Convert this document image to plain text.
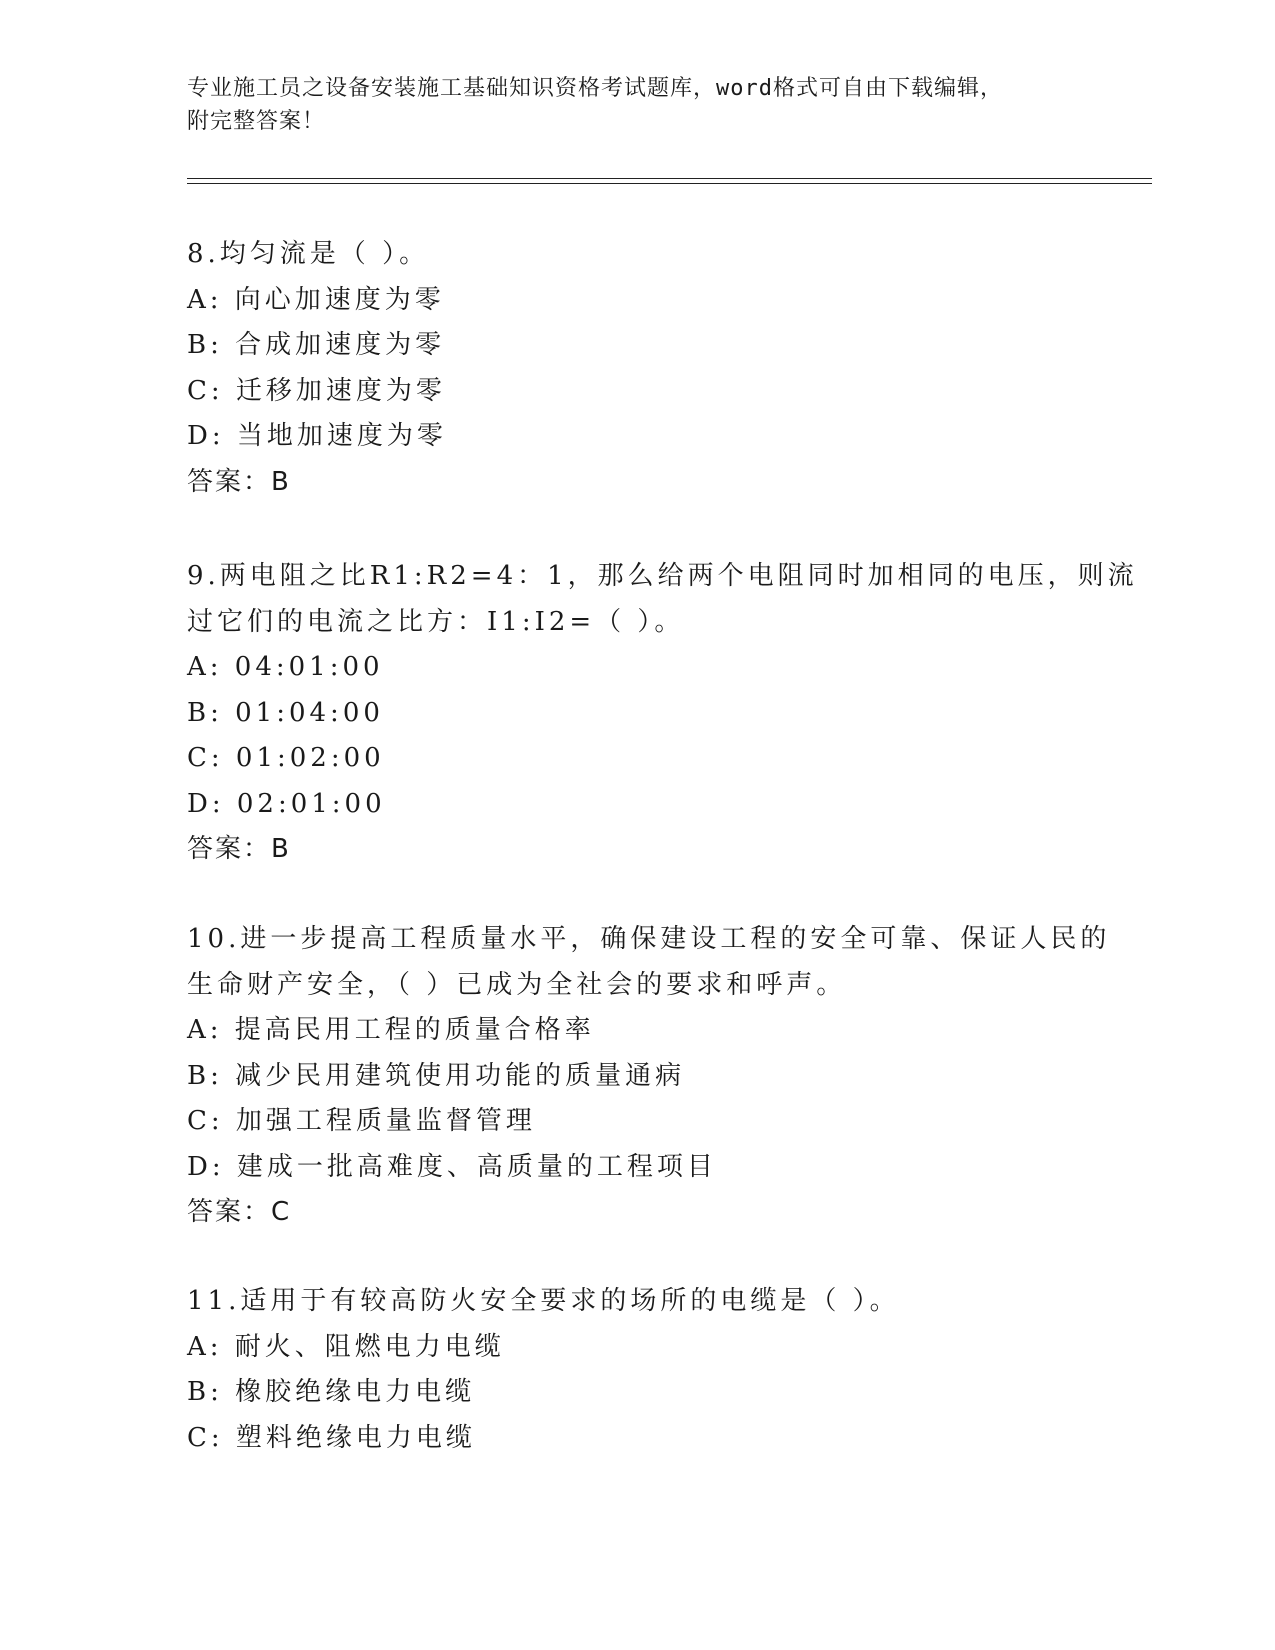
专业施工员之设备安装施工基础知识资格考试题库，word格式可自由下载编辑，
附完整答案！
8.均匀流是（ ）。
A: 向心加速度为零
B: 合成加速度为零
C: 迁移加速度为零
D: 当地加速度为零
答案：B
9.两电阻之比R1:R2=4：1，那么给两个电阻同时加相同的电压，则流
过它们的电流之比方：I1:I2=（ ）。
A: 04:01:00
B: 01:04:00
C: 01:02:00
D: 02:01:00
答案：B
10.进一步提高工程质量水平，确保建设工程的安全可靠、保证人民的
生命财产安全，（ ）已成为全社会的要求和呼声。
A: 提高民用工程的质量合格率
B: 减少民用建筑使用功能的质量通病
C: 加强工程质量监督管理
D: 建成一批高难度、高质量的工程项目
答案：C
11.适用于有较高防火安全要求的场所的电缆是（ ）。
A: 耐火、阻燃电力电缆
B: 橡胶绝缘电力电缆
C: 塑料绝缘电力电缆
